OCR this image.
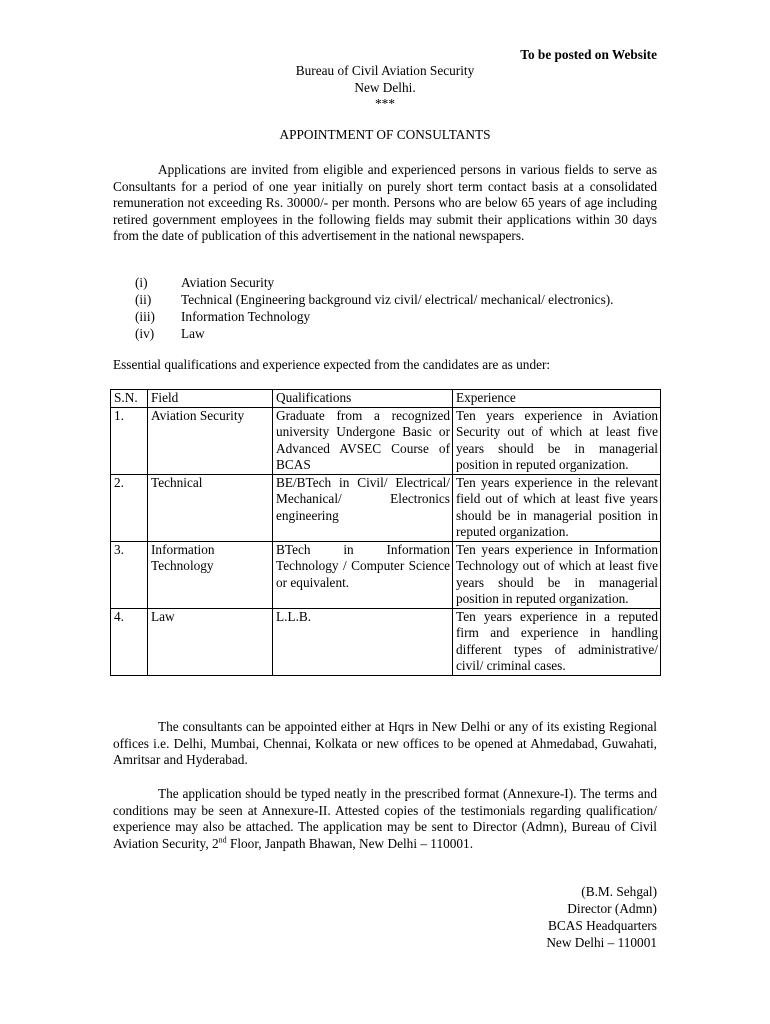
To be posted on Website
Bureau of Civil Aviation Security
New Delhi.
***
APPOINTMENT OF CONSULTANTS

Applications are invited from eligible and experienced persons in various fields to serve as Consultants for a period of one year initially on purely short term contact basis at a consolidated remuneration not exceeding Rs. 30000/- per month. Persons who are below 65 years of age including retired government employees in the following fields may submit their applications within 30 days from the date of publication of this advertisement in the national newspapers.

(i)	Aviation Security
(ii) Technical (Engineering background viz civil/ electrical/ mechanical/ electronics).
(iii) Information Technology
(iv) Law
Essential qualifications and experience expected from the candidates are as under:
S.N.	Field	Qualifications	Experience
1.	Aviation Security	Graduate from a recognized university Undergone Basic or Advanced AVSEC Course of BCAS	Ten years experience in Aviation Security out of which at least five years should be in managerial position in reputed organization.
2.	Technical	BE/BTech in Civil/ Electrical/ Mechanical/ Electronics engineering	Ten years experience in the relevant field out of which at least five years should be in managerial position in reputed organization.
3.	Information Technology	BTech in Information Technology / Computer Science or equivalent.	Ten years experience in Information Technology out of which at least five years should be in managerial position in reputed organization.
4.	Law	L.L.B.	Ten years experience in a reputed firm and experience in handling different types of administrative/ civil/ criminal cases.

The consultants can be appointed either at Hqrs in New Delhi or any of its existing Regional offices i.e. Delhi, Mumbai, Chennai, Kolkata or new offices to be opened at Ahmedabad, Guwahati, Amritsar and Hyderabad.

The application should be typed neatly in the prescribed format (Annexure-I). The terms and conditions may be seen at Annexure-II. Attested copies of the testimonials regarding qualification/ experience may also be attached. The application may be sent to Director (Admn), Bureau of Civil Aviation Security, 2nd Floor, Janpath Bhawan, New Delhi – 110001.

(B.M. Sehgal)
Director (Admn)
BCAS Headquarters
New Delhi – 110001
